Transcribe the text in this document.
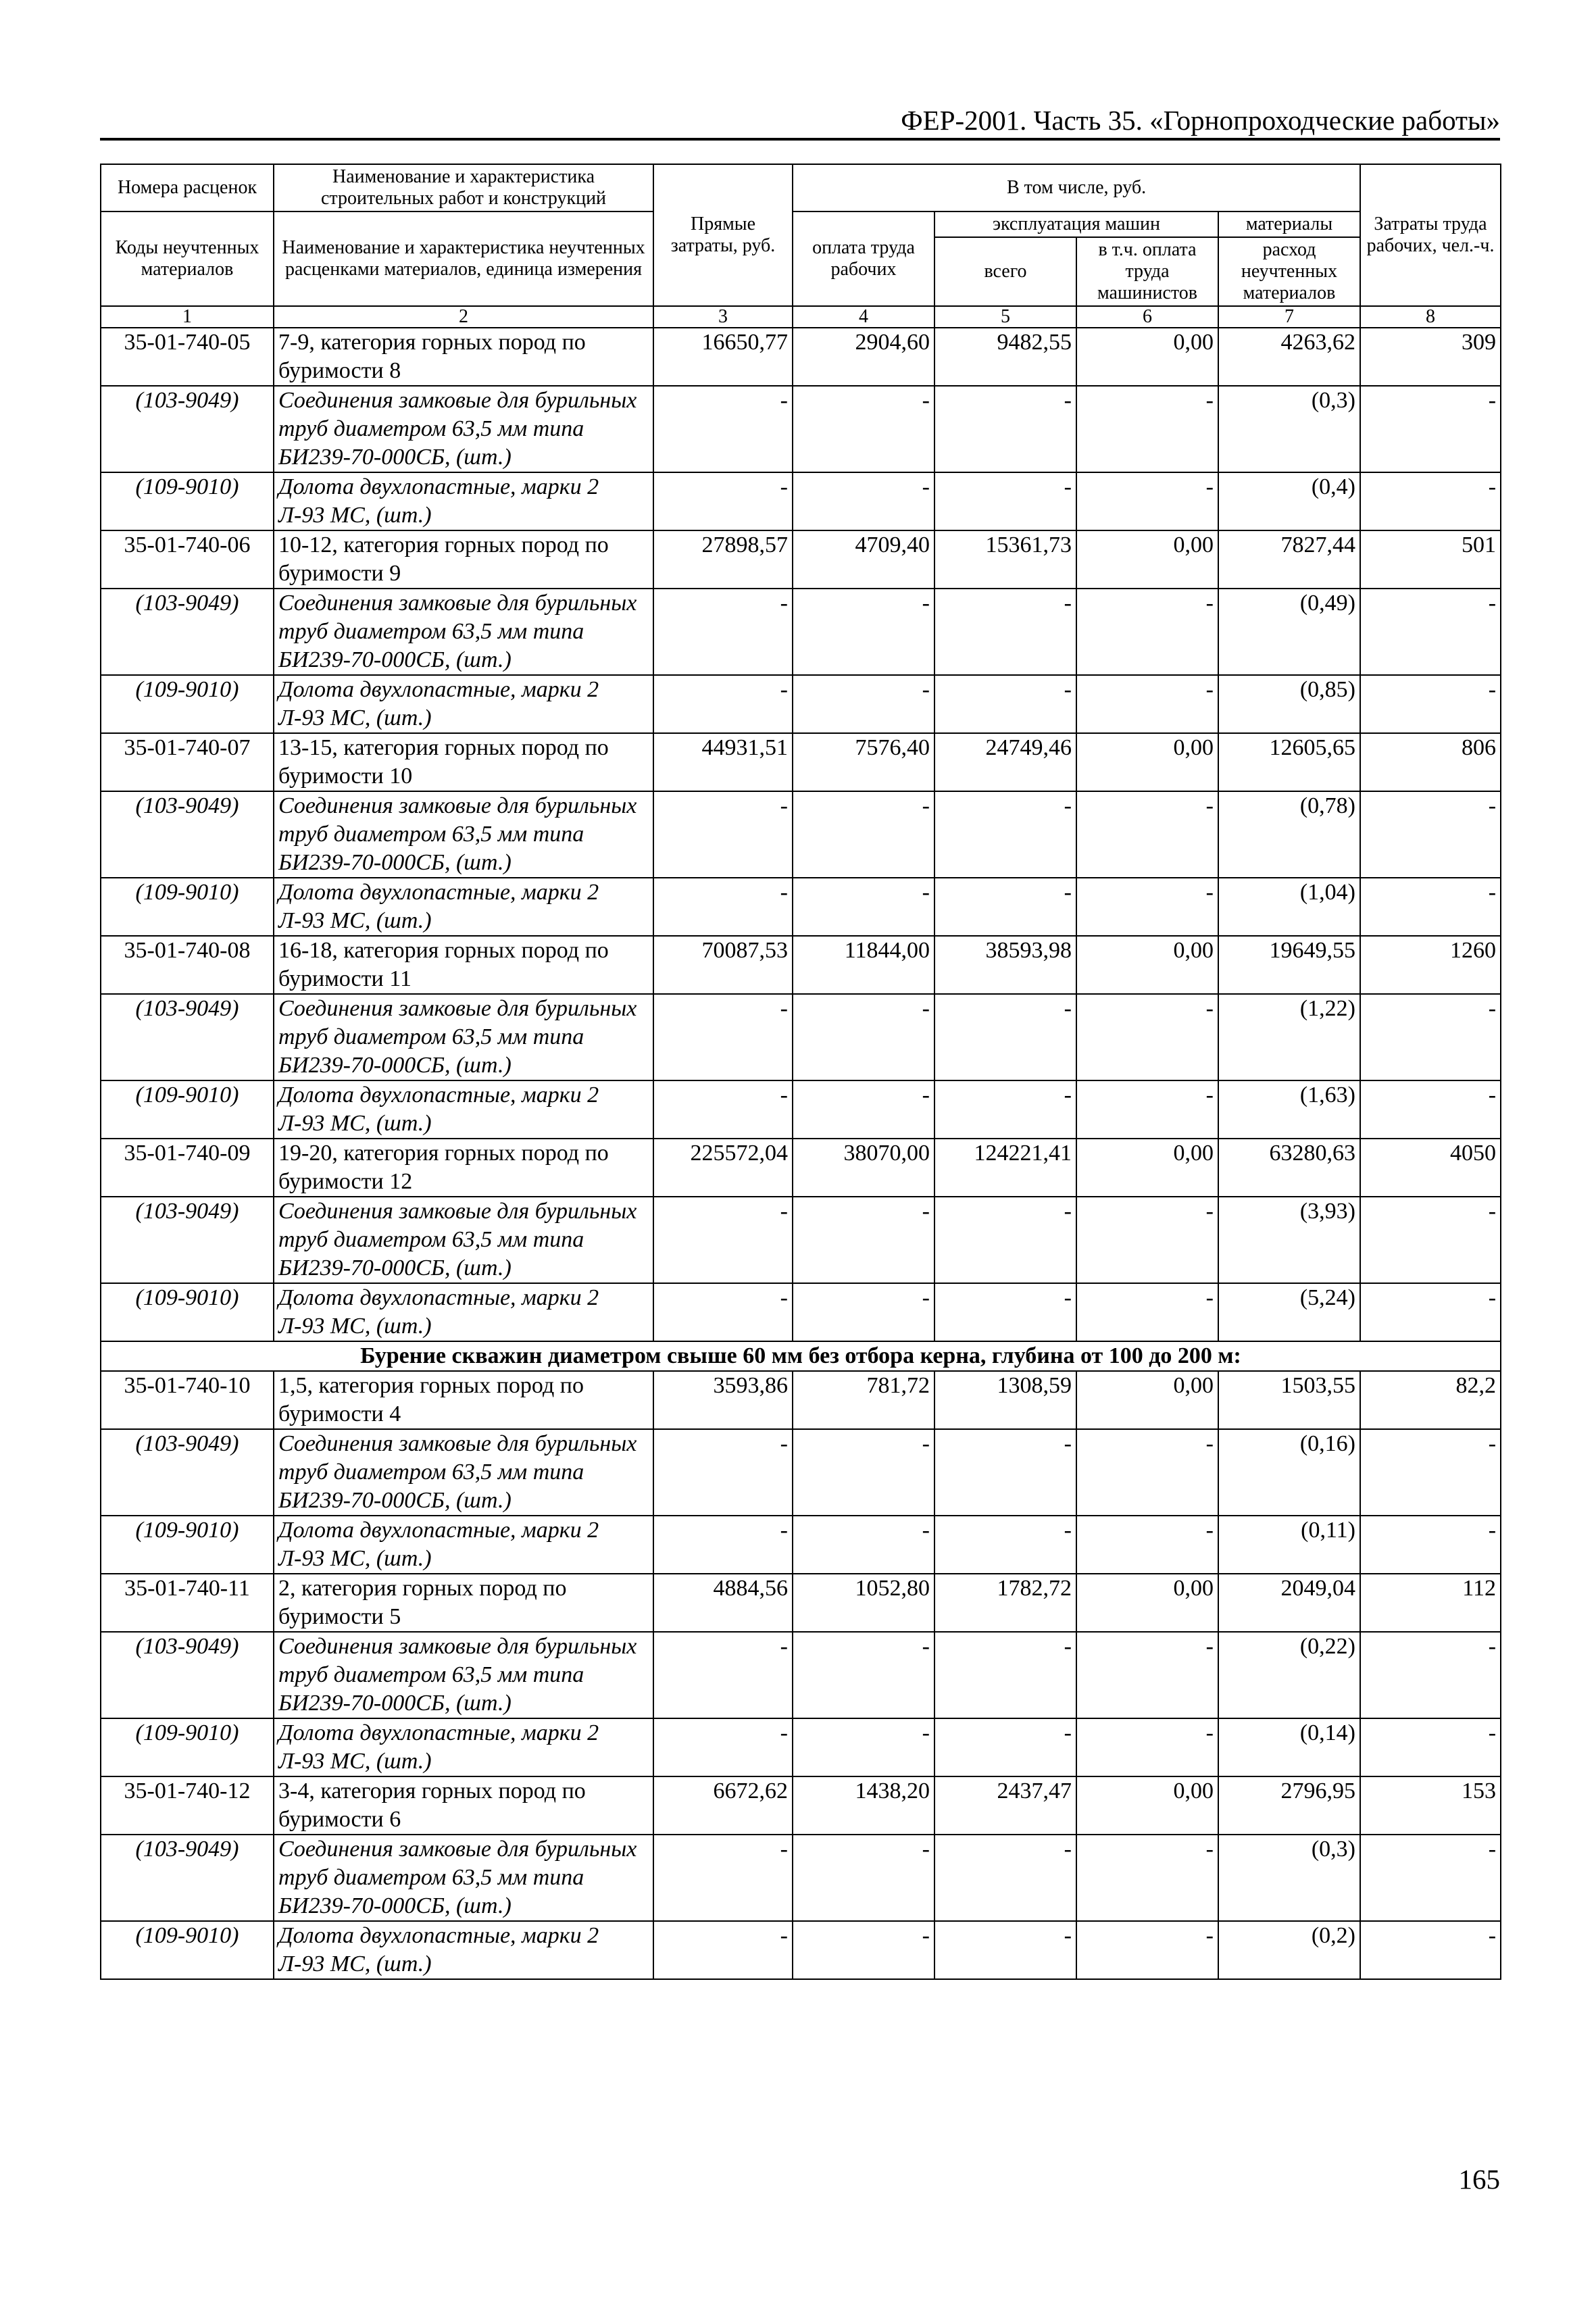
ФЕР-2001. Часть 35. «Горнопроходческие работы»
Номера расценок	Наименование и характеристика строительных работ и конструкций	Прямые затраты, руб.	В том числе, руб.				Затраты труда рабочих, чел.-ч.
Коды неучтенных материалов	Наименование и характеристика неучтенных расценками материалов, единица измерения		оплата труда рабочих	эксплуатация машин		материалы	
				всего	в т.ч. оплата труда машинистов	расход неучтенных материалов	

1	2	3	4	5	6	7	8
35-01-740-05	7-9, категория горных пород по буримости 8	16650,77	2904,60	9482,55	0,00	4263,62	309
(103-9049)	Соединения замковые для бурильных труб диаметром 63,5 мм типа БИ239-70-000СБ, (шт.)	-	-	-	-	(0,3)	-
(109-9010)	Долота двухлопастные, марки 2 Л-93 МС, (шт.)	-	-	-	-	(0,4)	-
35-01-740-06	10-12, категория горных пород по буримости 9	27898,57	4709,40	15361,73	0,00	7827,44	501
(103-9049)	Соединения замковые для бурильных труб диаметром 63,5 мм типа БИ239-70-000СБ, (шт.)	-	-	-	-	(0,49)	-
(109-9010)	Долота двухлопастные, марки 2 Л-93 МС, (шт.)	-	-	-	-	(0,85)	-
35-01-740-07	13-15, категория горных пород по буримости 10	44931,51	7576,40	24749,46	0,00	12605,65	806
(103-9049)	Соединения замковые для бурильных труб диаметром 63,5 мм типа БИ239-70-000СБ, (шт.)	-	-	-	-	(0,78)	-
(109-9010)	Долота двухлопастные, марки 2 Л-93 МС, (шт.)	-	-	-	-	(1,04)	-
35-01-740-08	16-18, категория горных пород по буримости 11	70087,53	11844,00	38593,98	0,00	19649,55	1260
(103-9049)	Соединения замковые для бурильных труб диаметром 63,5 мм типа БИ239-70-000СБ, (шт.)	-	-	-	-	(1,22)	-
(109-9010)	Долота двухлопастные, марки 2 Л-93 МС, (шт.)	-	-	-	-	(1,63)	-
35-01-740-09	19-20, категория горных пород по буримости 12	225572,04	38070,00	124221,41	0,00	63280,63	4050
(103-9049)	Соединения замковые для бурильных труб диаметром 63,5 мм типа БИ239-70-000СБ, (шт.)	-	-	-	-	(3,93)	-
(109-9010)	Долота двухлопастные, марки 2 Л-93 МС, (шт.)	-	-	-	-	(5,24)	-
Бурение скважин диаметром свыше 60 мм без отбора керна, глубина от 100 до 200 м:							
35-01-740-10	1,5, категория горных пород по буримости 4	3593,86	781,72	1308,59	0,00	1503,55	82,2
(103-9049)	Соединения замковые для бурильных труб диаметром 63,5 мм типа БИ239-70-000СБ, (шт.)	-	-	-	-	(0,16)	-
(109-9010)	Долота двухлопастные, марки 2 Л-93 МС, (шт.)	-	-	-	-	(0,11)	-
35-01-740-11	2, категория горных пород по буримости 5	4884,56	1052,80	1782,72	0,00	2049,04	112
(103-9049)	Соединения замковые для бурильных труб диаметром 63,5 мм типа БИ239-70-000СБ, (шт.)	-	-	-	-	(0,22)	-
(109-9010)	Долота двухлопастные, марки 2 Л-93 МС, (шт.)	-	-	-	-	(0,14)	-
35-01-740-12	3-4, категория горных пород по буримости 6	6672,62	1438,20	2437,47	0,00	2796,95	153
(103-9049)	Соединения замковые для бурильных труб диаметром 63,5 мм типа БИ239-70-000СБ, (шт.)	-	-	-	-	(0,3)	-
(109-9010)	Долота двухлопастные, марки 2 Л-93 МС, (шт.)	-	-	-	-	(0,2)	-
165
